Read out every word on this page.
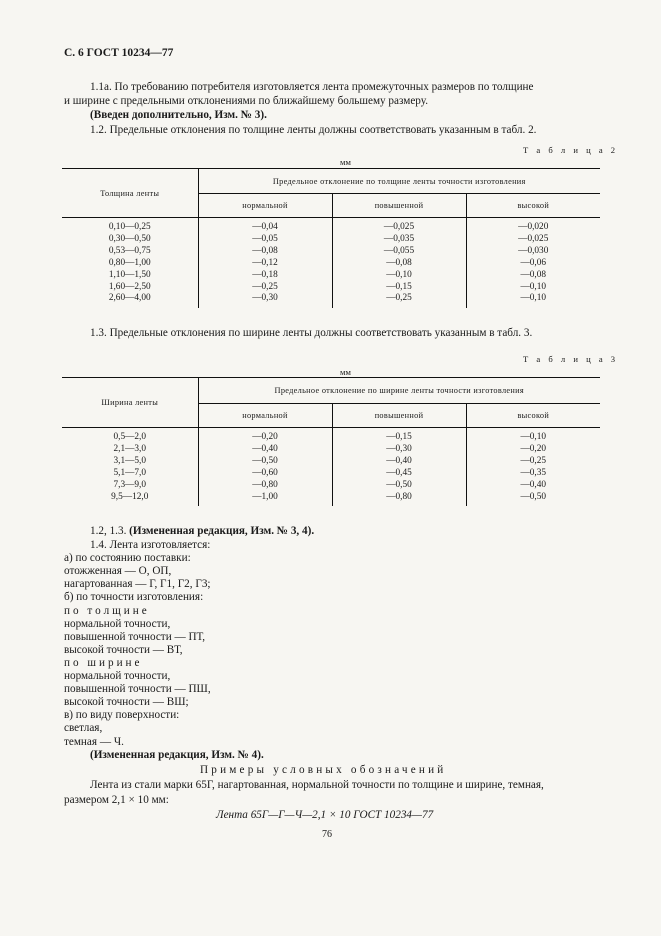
С. 6 ГОСТ 10234—77
1.1а. По требованию потребителя изготовляется лента промежуточных размеров по толщине
и ширине с предельными отклонениями по ближайшему большему размеру.
(Введен дополнительно, Изм. № 3).
1.2. Предельные отклонения по толщине ленты должны соответствовать указанным в табл. 2.
Т а б л и ц а 2
мм
Толщина ленты	Предельное отклонение по толщине ленты точности изготовления		
	нормальной	повышенной	высокой
0,10—0,25	—0,04	—0,025	—0,020
0,30—0,50	—0,05	—0,035	—0,025
0,53—0,75	—0,08	—0,055	—0,030
0,80—1,00	—0,12	—0,08	—0,06
1,10—1,50	—0,18	—0,10	—0,08
1,60—2,50	—0,25	—0,15	—0,10
2,60—4,00	—0,30	—0,25	—0,10
1.3. Предельные отклонения по ширине ленты должны соответствовать указанным в табл. 3.
Т а б л и ц а 3
мм
Ширина ленты	Предельное отклонение по ширине ленты точности изготовления		
	нормальной	повышенной	высокой
0,5—2,0	—0,20	—0,15	—0,10
2,1—3,0	—0,40	—0,30	—0,20
3,1—5,0	—0,50	—0,40	—0,25
5,1—7,0	—0,60	—0,45	—0,35
7,3—9,0	—0,80	—0,50	—0,40
9,5—12,0	—1,00	—0,80	—0,50
1.2, 1.3. (Измененная редакция, Изм. № 3, 4).
1.4. Лента изготовляется:
а) по состоянию поставки:
отожженная — О, ОП,
нагартованная — Г, Г1, Г2, Г3;
б) по точности изготовления:
по толщине
нормальной точности,
повышенной точности — ПТ,
высокой точности — ВТ,
по ширине
нормальной точности,
повышенной точности — ПШ,
высокой точности — ВШ;
в) по виду поверхности:
светлая,
темная — Ч.
(Измененная редакция, Изм. № 4).
Примеры условных обозначений
Лента из стали марки 65Г, нагартованная, нормальной точности по толщине и ширине, темная,
размером 2,1 × 10 мм:
Лента 65Г—Г—Ч—2,1 × 10 ГОСТ 10234—77
76
